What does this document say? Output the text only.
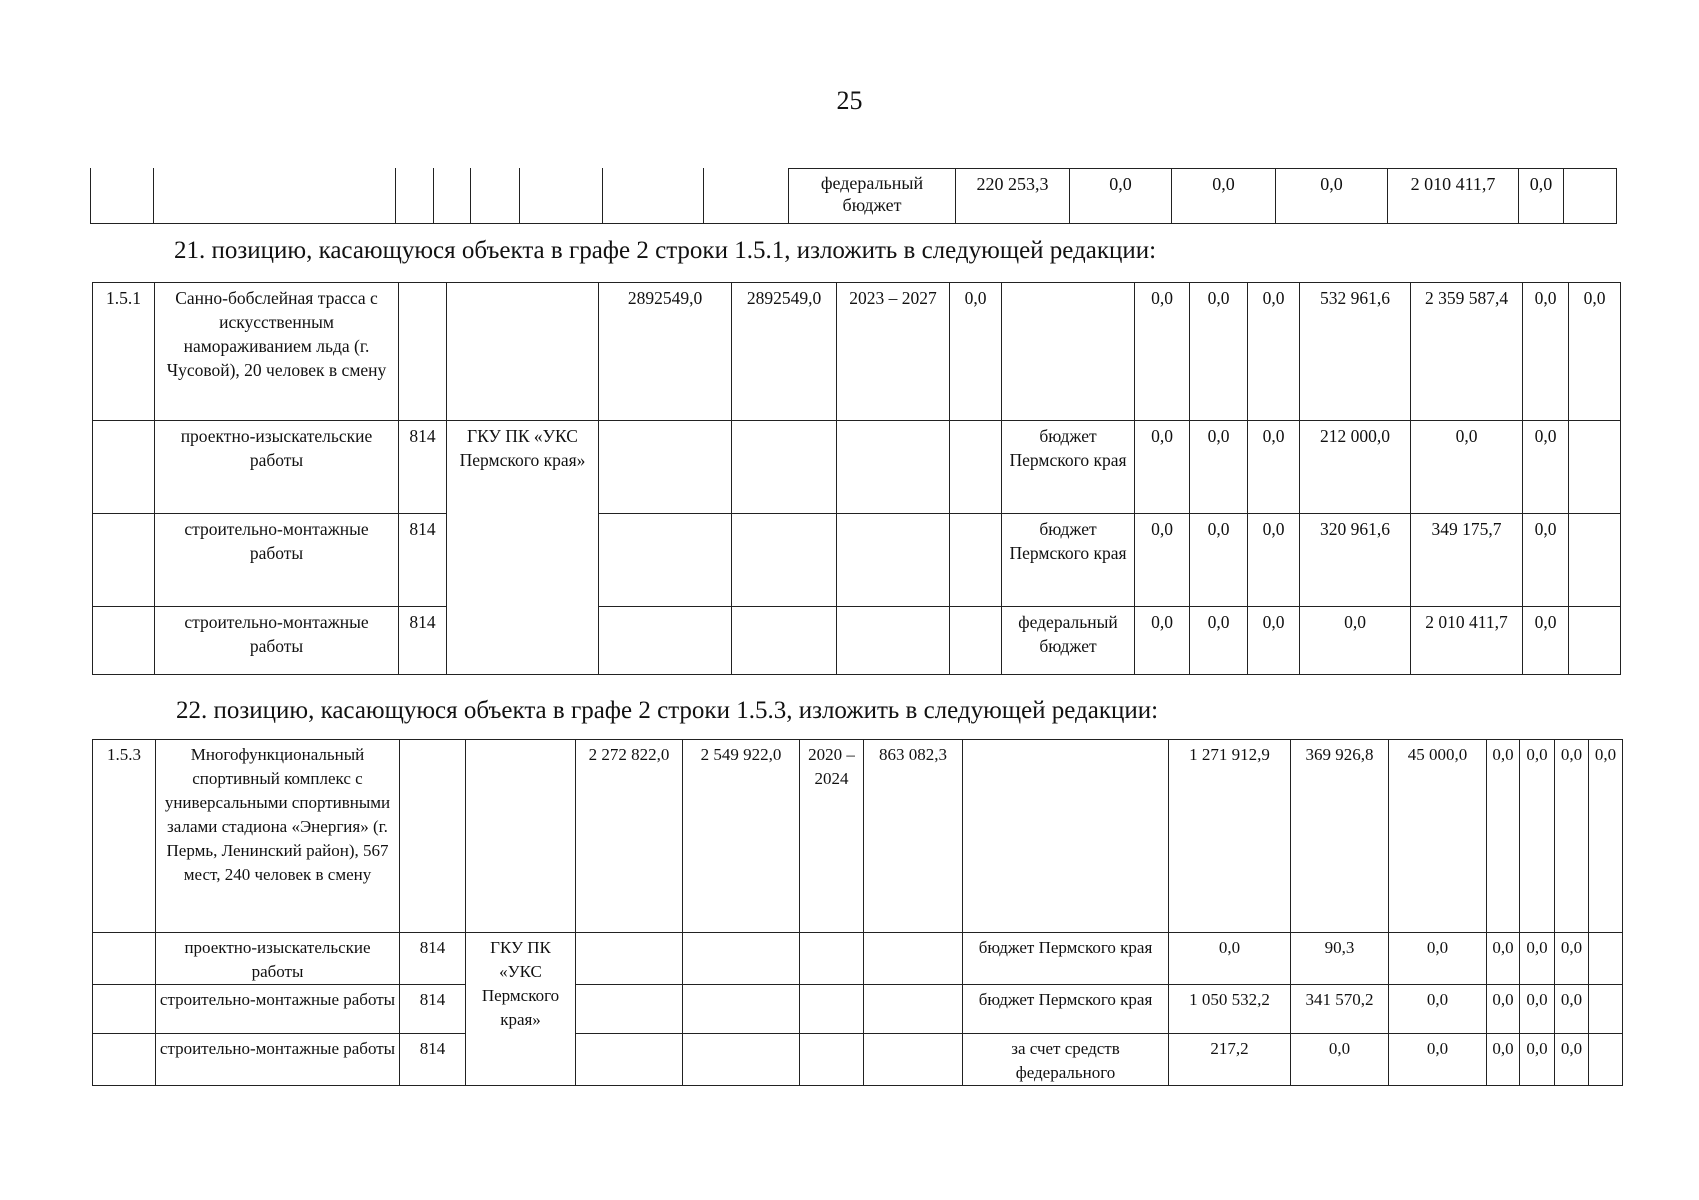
25
								федеральный бюджет	220 253,3	0,0	0,0	0,0	2 010 411,7	0,0	
21. позицию, касающуюся объекта в графе 2 строки 1.5.1, изложить в следующей редакции:
1.5.1	Санно-бобслейная трасса с искусственным намораживанием льда (г. Чусовой), 20 человек в смену			2892549,0	2892549,0	2023 – 2027	0,0		0,0	0,0	0,0	532 961,6	2 359 587,4	0,0	0,0
	проектно-изыскательские работы	814	ГКУ ПК «УКС Пермского края»					бюджет Пермского края	0,0	0,0	0,0	212 000,0	0,0	0,0	
	строительно-монтажные работы	814						бюджет Пермского края	0,0	0,0	0,0	320 961,6	349 175,7	0,0	
	строительно-монтажные работы	814						федеральный бюджет	0,0	0,0	0,0	0,0	2 010 411,7	0,0	
22. позицию, касающуюся объекта в графе 2 строки 1.5.3, изложить в следующей редакции:
1.5.3	Многофункциональный спортивный комплекс с универсальными спортивными залами стадиона «Энергия» (г. Пермь, Ленинский район), 567 мест, 240 человек в смену			2 272 822,0	2 549 922,0	2020 – 2024	863 082,3		1 271 912,9	369 926,8	45 000,0	0,0	0,0	0,0	0,0
	проектно-изыскательские работы	814	ГКУ ПК «УКС Пермского края»					бюджет Пермского края	0,0	90,3	0,0	0,0	0,0	0,0	
	строительно-монтажные работы	814						бюджет Пермского края	1 050 532,2	341 570,2	0,0	0,0	0,0	0,0	
	строительно-монтажные работы	814						за счет средств федерального	217,2	0,0	0,0	0,0	0,0	0,0	
